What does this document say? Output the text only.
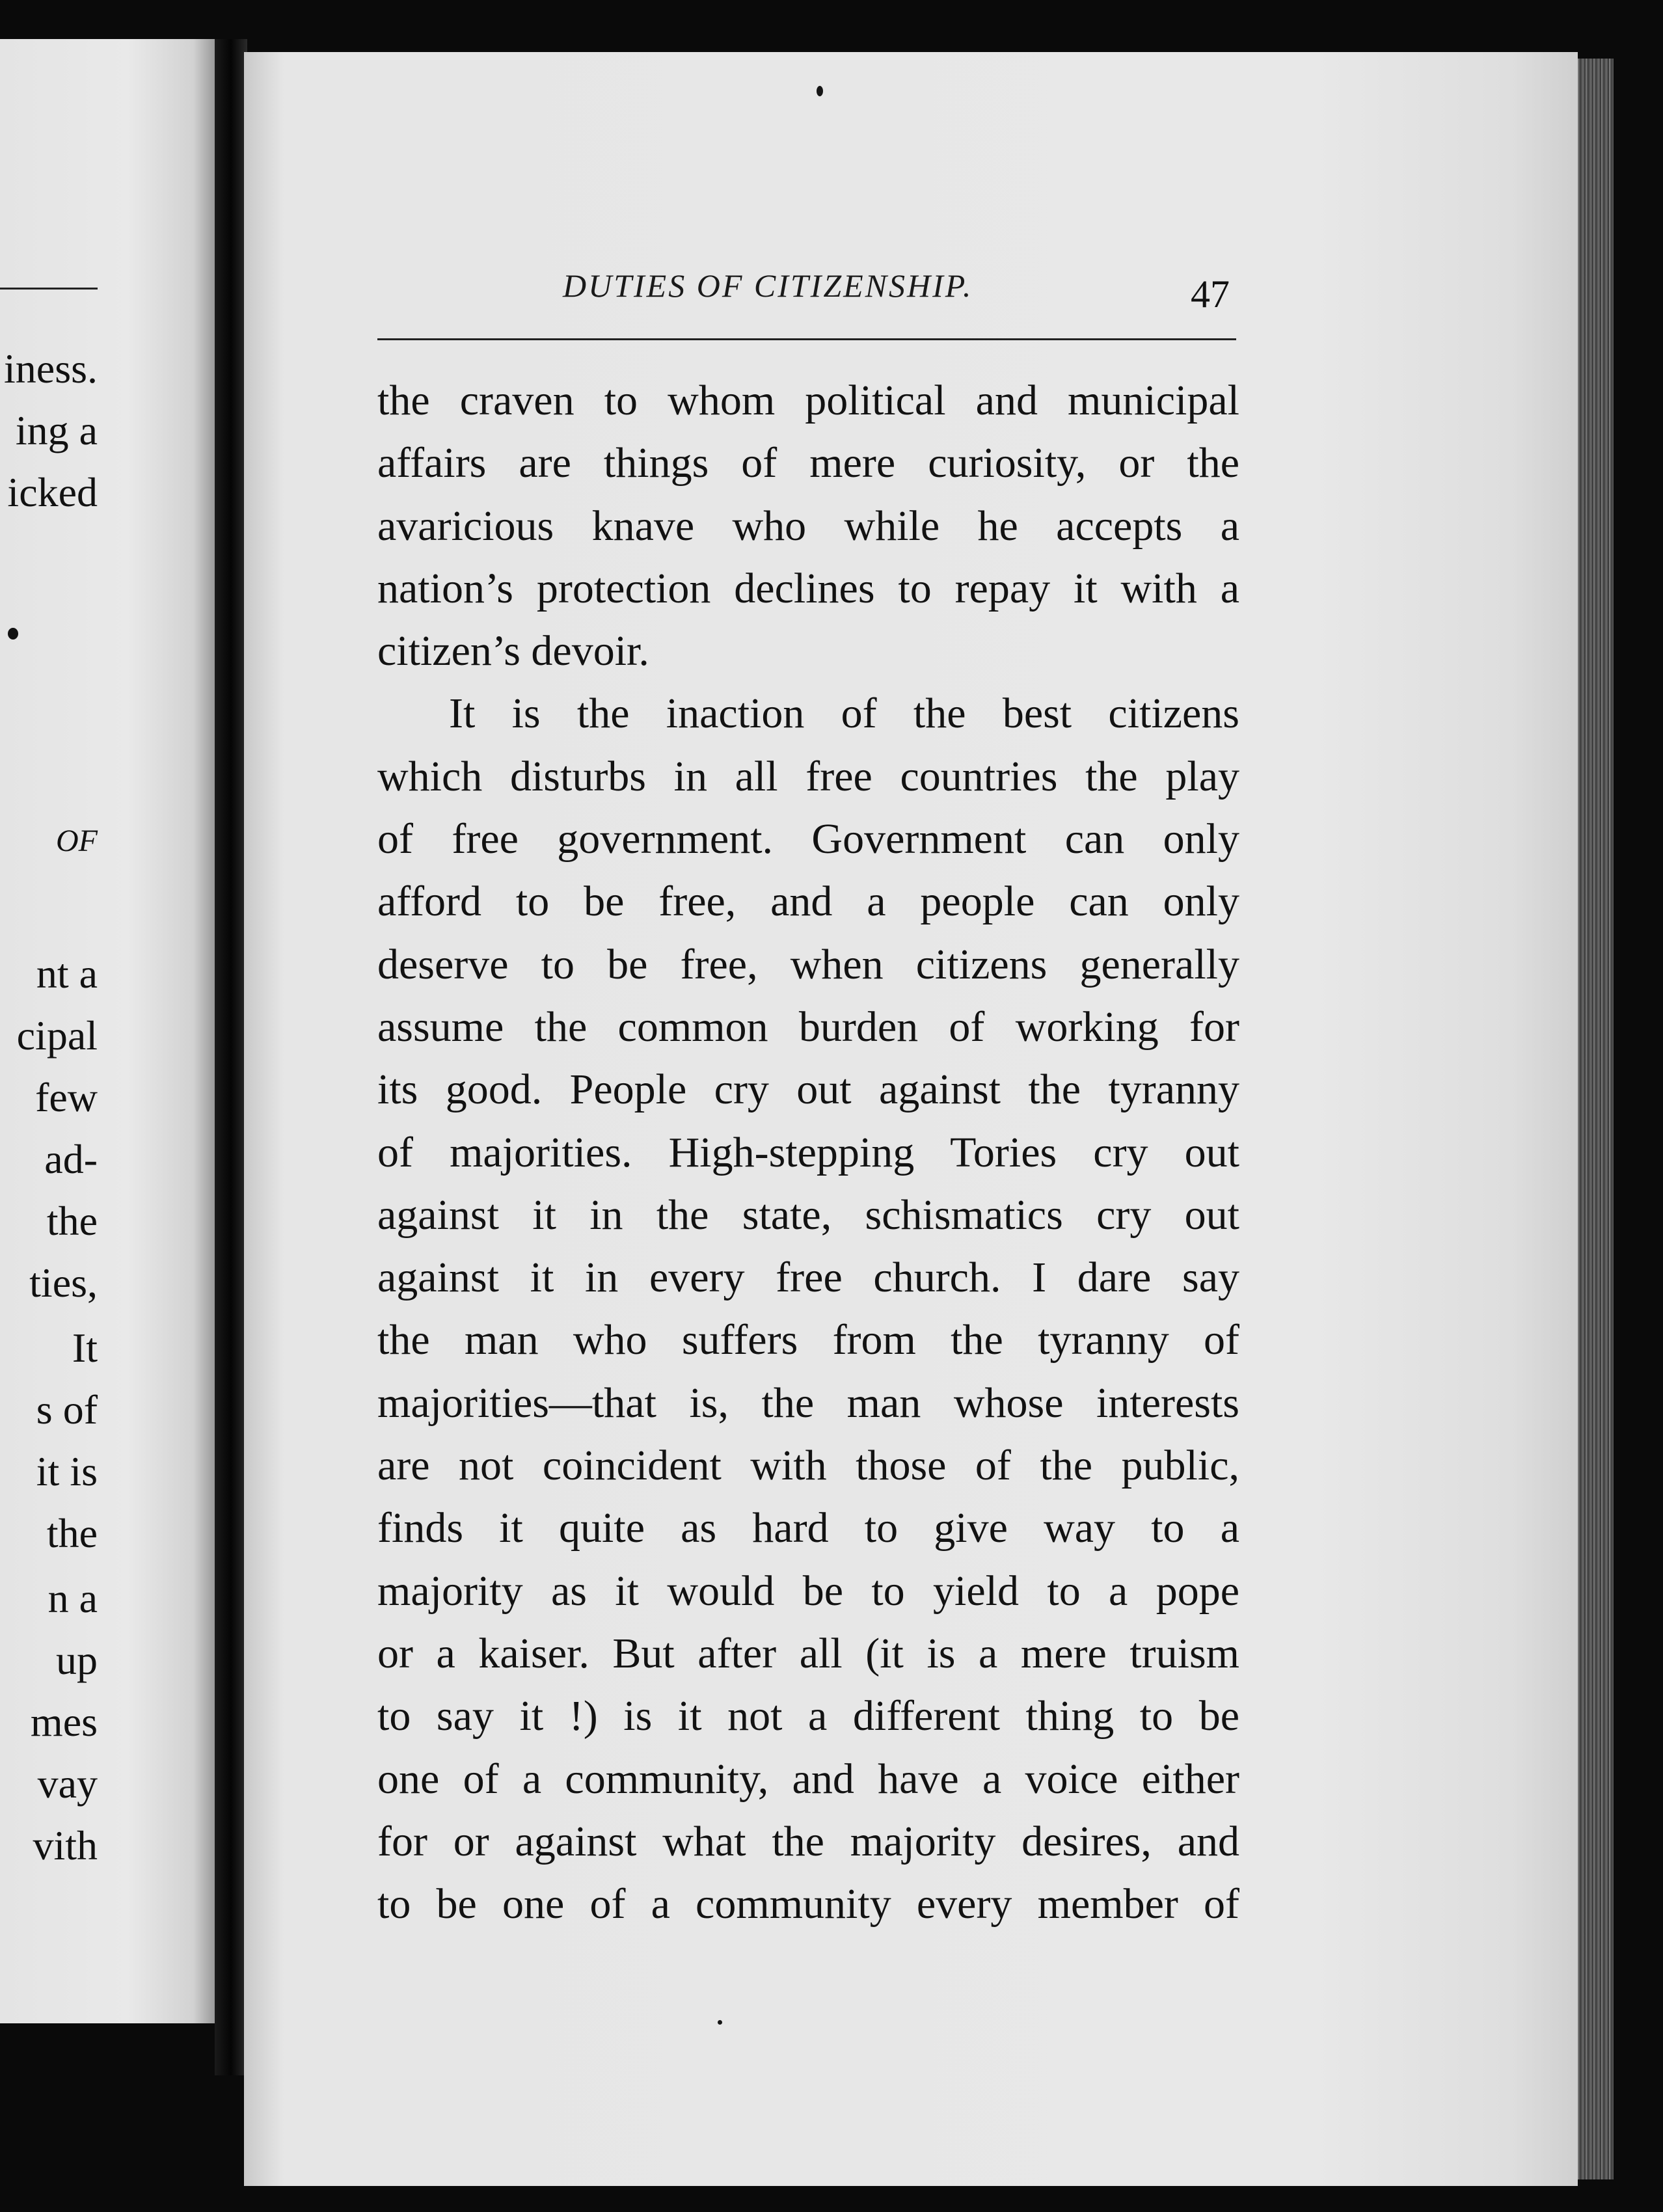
iness.
ing a
icked
OF
nt a
cipal
few
ad-
the
ties,
It
s of
it is
the
n a
up
mes
vay
vith
DUTIES OF CITIZENSHIP.	47
the craven to whom political and municipal
affairs are things of mere curiosity, or the
avaricious knave who while he accepts a
nation’s protection declines to repay it with a
citizen’s devoir.
It is the inaction of the best citizens
which disturbs in all free countries the play
of free government. Government can only
afford to be free, and a people can only
deserve to be free, when citizens generally
assume the common burden of working for
its good. People cry out against the tyranny
of majorities. High-stepping Tories cry out
against it in the state, schismatics cry out
against it in every free church. I dare say
the man who suffers from the tyranny of
majorities—that is, the man whose interests
are not coincident with those of the public,
finds it quite as hard to give way to a
majority as it would be to yield to a pope
or a kaiser. But after all (it is a mere truism
to say it !) is it not a different thing to be
one of a community, and have a voice either
for or against what the majority desires, and
to be one of a community every member of
